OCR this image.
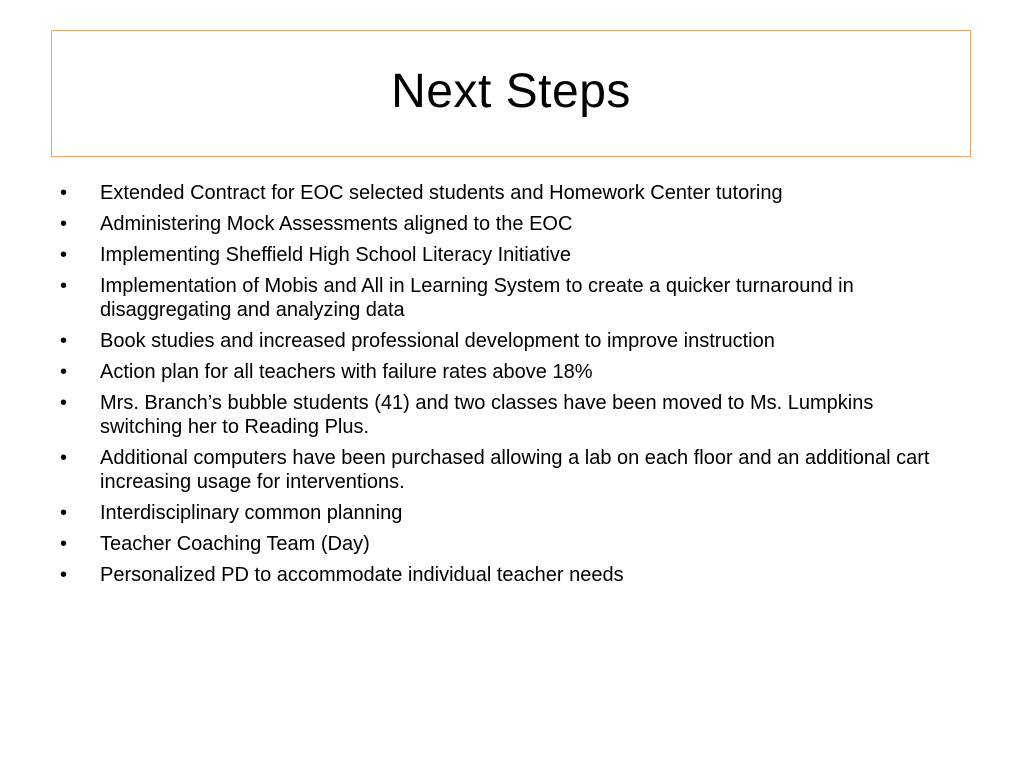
Next Steps
• Extended Contract for EOC selected students and Homework Center tutoring
• Administering Mock Assessments aligned to the EOC
• Implementing Sheffield High School Literacy Initiative
• Implementation of Mobis and All in Learning System to create a quicker turnaround in disaggregating and analyzing data
• Book studies and increased professional development to improve instruction
• Action plan for all teachers with failure rates above 18%
• Mrs. Branch’s bubble students (41) and two classes have been moved to Ms. Lumpkins switching her to Reading Plus.
• Additional computers have been purchased allowing a lab on each floor and an additional cart increasing usage for interventions.
• Interdisciplinary common planning
• Teacher Coaching Team (Day)
• Personalized PD to accommodate individual teacher needs
